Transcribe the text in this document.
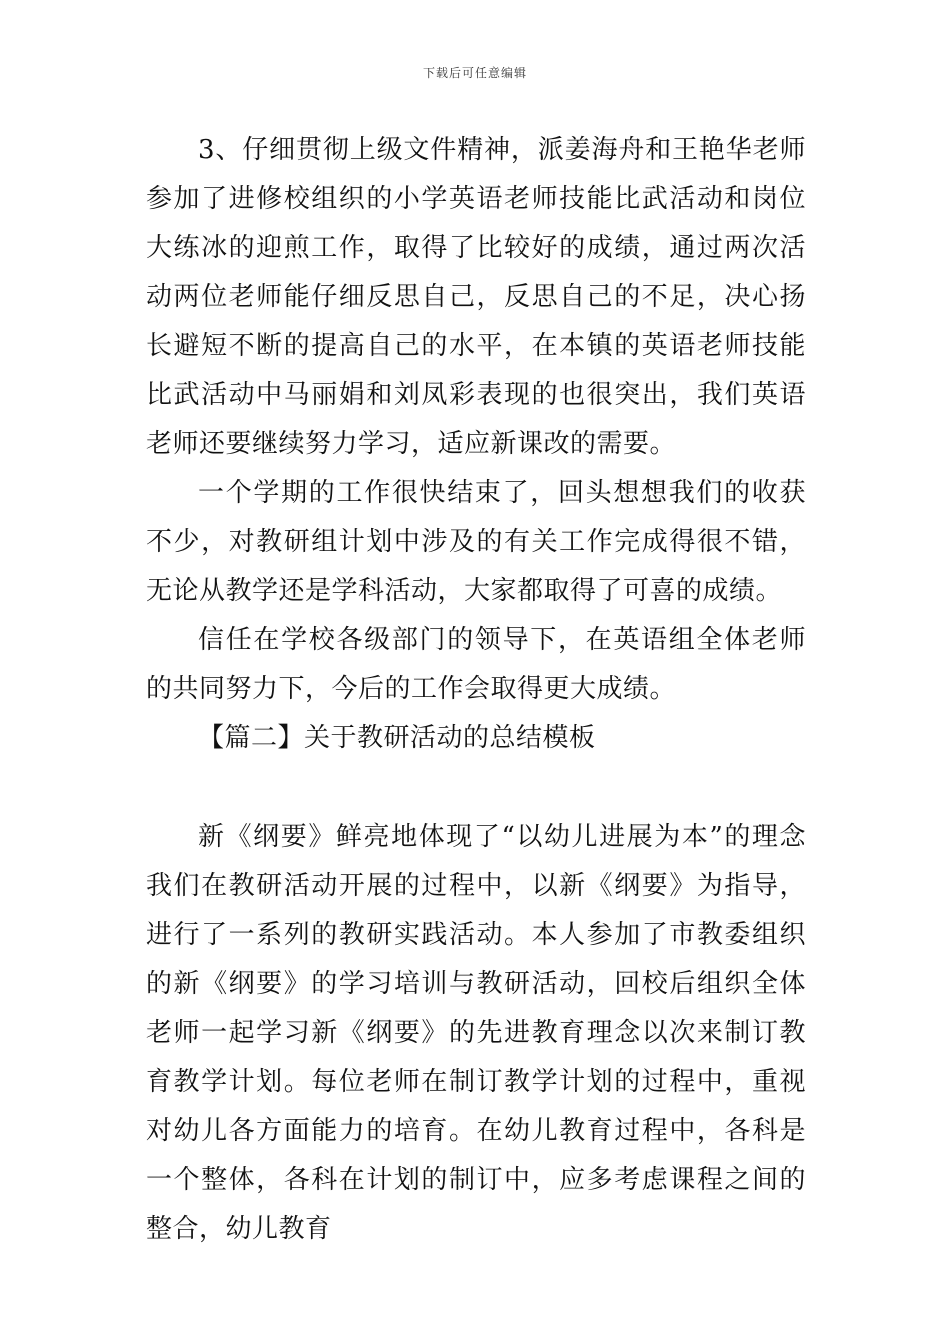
下载后可任意编辑

3、仔细贯彻上级文件精神，派姜海舟和王艳华老师参加了进修校组织的小学英语老师技能比武活动和岗位大练冰的迎煎工作，取得了比较好的成绩，通过两次活动两位老师能仔细反思自己，反思自己的不足，决心扬长避短不断的提高自己的水平，在本镇的英语老师技能比武活动中马丽娟和刘凤彩表现的也很突出，我们英语老师还要继续努力学习，适应新课改的需要。

一个学期的工作很快结束了，回头想想我们的收获不少，对教研组计划中涉及的有关工作完成得很不错，无论从教学还是学科活动，大家都取得了可喜的成绩。

信任在学校各级部门的领导下，在英语组全体老师的共同努力下，今后的工作会取得更大成绩。

【篇二】关于教研活动的总结模板

新《纲要》鲜亮地体现了“以幼儿进展为本”的理念我们在教研活动开展的过程中，以新《纲要》为指导，进行了一系列的教研实践活动。本人参加了市教委组织的新《纲要》的学习培训与教研活动，回校后组织全体老师一起学习新《纲要》的先进教育理念以次来制订教育教学计划。每位老师在制订教学计划的过程中，重视对幼儿各方面能力的培育。在幼儿教育过程中，各科是一个整体，各科在计划的制订中，应多考虑课程之间的整合，幼儿教育
